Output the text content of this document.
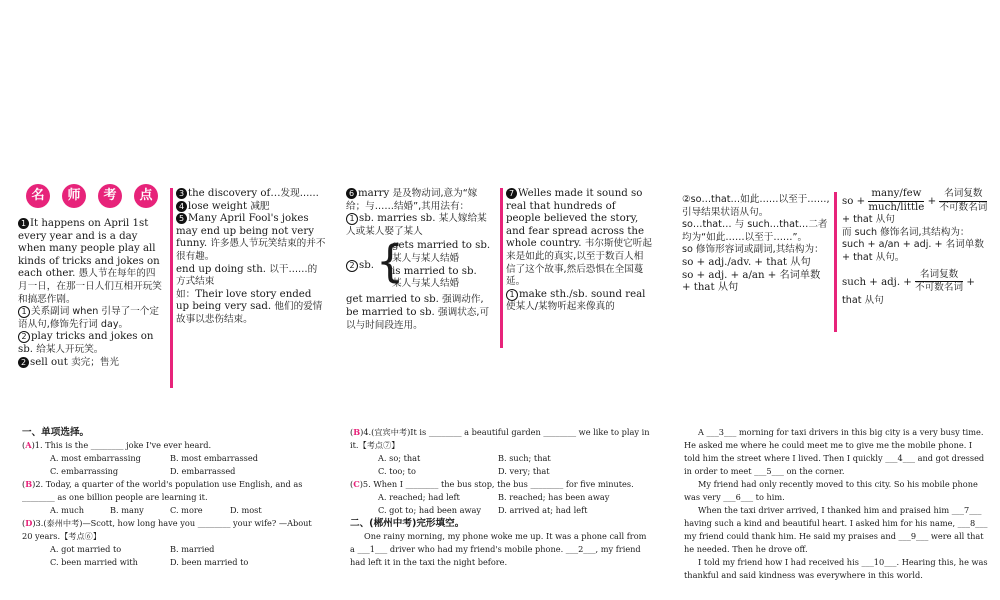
名	师	考	点
1 It happens on April 1st every year and is a day when many people play all kinds of tricks and jokes on each other. 愚人节在每年的四月一日，在那一日人们互相开玩笑和搞恶作剧。
1 关系副词 when 引导了一个定语从句,修饰先行词 day。
2 play tricks and jokes on sb. 给某人开玩笑。
2 sell out 卖完；售光
3 the discovery of…发现……
4 lose weight 减肥
5 Many April Fool's jokes may end up being not very funny. 许多愚人节玩笑结束的并不很有趣。
end up doing sth. 以干……的方式结束
如：Their love story ended up being very sad. 他们的爱情故事以悲伤结束。
6 marry 是及物动词,意为“嫁给；与……结婚”,其用法有：
1 sb. marries sb. 某人嫁给某人或某人娶了某人
2 sb. {
gets married to sb.
某人与某人结婚
is married to sb.
某人与某人结婚
get married to sb. 强调动作,
be married to sb. 强调状态,可以与时间段连用。
7 Welles made it sound so real that hundreds of people believed the story, and fear spread across the whole country. 韦尔斯使它听起来是如此的真实,以至于数百人相信了这个故事,然后恐惧在全国蔓延。
1 make sth./sb. sound real 使某人/某物听起来像真的
②so…that…如此……以至于……,引导结果状语从句。
so…that… 与 such…that…二者均为“如此……以至于……”。
so 修饰形容词或副词,其结构为：
so + adj./adv. + that 从句
so + adj. + a/an + 名词单数 + that 从句
so + $\frac{\text{many/few}}{\text{much/little}} + \frac{\text{名词复数}}{\text{不可数名词}}$
+ that 从句
而 such 修饰名词,其结构为：
such + a/an + adj. + 名词单数 + that 从句。
such + adj. + $\frac{\text{名词复数}}{\text{不可数名词}}$ +
that 从句
一、单项选择。
(A)1. This is the ________ joke I've ever heard.
A. most embarrassing	B. most embarrassed
C. embarrassing	D. embarrassed
(B)2. Today, a quarter of the world's population use English, and as ________ as one billion people are learning it.
A. much	B. many	C. more	D. most
(D)3.(泰州中考)—Scott, how long have you ________ your wife? —About 20 years.【考点⑥】
A. got married to	B. married
C. been married with	D. been married to
(B)4.(宜宾中考)It is ________ a beautiful garden ________ we like to play in it.【考点⑦】
A. so; that	B. such; that
C. too; to	D. very; that
(C)5. When I ________ the bus stop, the bus ________ for five minutes.
A. reached; had left	B. reached; has been away
C. got to; had been away D. arrived at; had left
二、(郴州中考)完形填空。
One rainy morning, my phone woke me up. It was a phone call from a ___1___ driver who had my friend's mobile phone. ___2___, my friend had left it in the taxi the night before.
A ___3___ morning for taxi drivers in this big city is a very busy time. He asked me where he could meet me to give me the mobile phone. I told him the street where I lived. Then I quickly ___4___ and got dressed in order to meet ___5___ on the corner.
My friend had only recently moved to this city. So his mobile phone was very ___6___ to him.
When the taxi driver arrived, I thanked him and praised him ___7___ having such a kind and beautiful heart. I asked him for his name, ___8___ my friend could thank him. He said my praises and ___9___ were all that he needed. Then he drove off.
I told my friend how I had received his ___10___. Hearing this, he was thankful and said kindness was everywhere in this world.
